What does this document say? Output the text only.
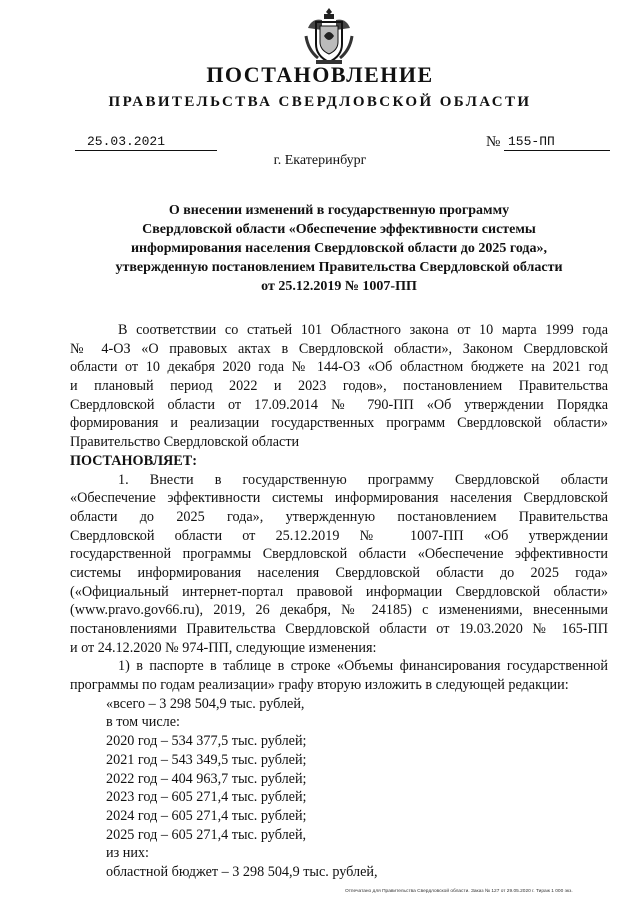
ПОСТАНОВЛЕНИЕ
ПРАВИТЕЛЬСТВА СВЕРДЛОВСКОЙ ОБЛАСТИ
25.03.2021	№ 155-ПП
г. Екатеринбург
О внесении изменений в государственную программу
Свердловской области «Обеспечение эффективности системы
информирования населения Свердловской области до 2025 года»,
утвержденную постановлением Правительства Свердловской области
от 25.12.2019 № 1007-ПП
В соответствии со статьей 101 Областного закона от 10 марта 1999 года
№ 4-ОЗ «О правовых актах в Свердловской области», Законом Свердловской
области от 10 декабря 2020 года № 144-ОЗ «Об областном бюджете на 2021 год
и плановый период 2022 и 2023 годов», постановлением Правительства
Свердловской области от 17.09.2014 № 790-ПП «Об утверждении Порядка
формирования и реализации государственных программ Свердловской области»
Правительство Свердловской области
ПОСТАНОВЛЯЕТ:
1. Внести в государственную программу Свердловской области
«Обеспечение эффективности системы информирования населения Свердловской
области до 2025 года», утвержденную постановлением Правительства
Свердловской области от 25.12.2019 № 1007-ПП «Об утверждении
государственной программы Свердловской области «Обеспечение эффективности
системы информирования населения Свердловской области до 2025 года»
(«Официальный интернет-портал правовой информации Свердловской области»
(www.pravo.gov66.ru), 2019, 26 декабря, № 24185) с изменениями, внесенными
постановлениями Правительства Свердловской области от 19.03.2020 № 165-ПП
и от 24.12.2020 № 974-ПП, следующие изменения:
1) в паспорте в таблице в строке «Объемы финансирования государственной
программы по годам реализации» графу вторую изложить в следующей редакции:
«всего – 3 298 504,9 тыс. рублей,
в том числе:
2020 год – 534 377,5 тыс. рублей;
2021 год – 543 349,5 тыс. рублей;
2022 год – 404 963,7 тыс. рублей;
2023 год – 605 271,4 тыс. рублей;
2024 год – 605 271,4 тыс. рублей;
2025 год – 605 271,4 тыс. рублей,
из них:
областной бюджет – 3 298 504,9 тыс. рублей,
Отпечатано для Правительства Свердловской области. Заказ № 127 от 29.05.2020 г. Тираж 1 000 экз.
